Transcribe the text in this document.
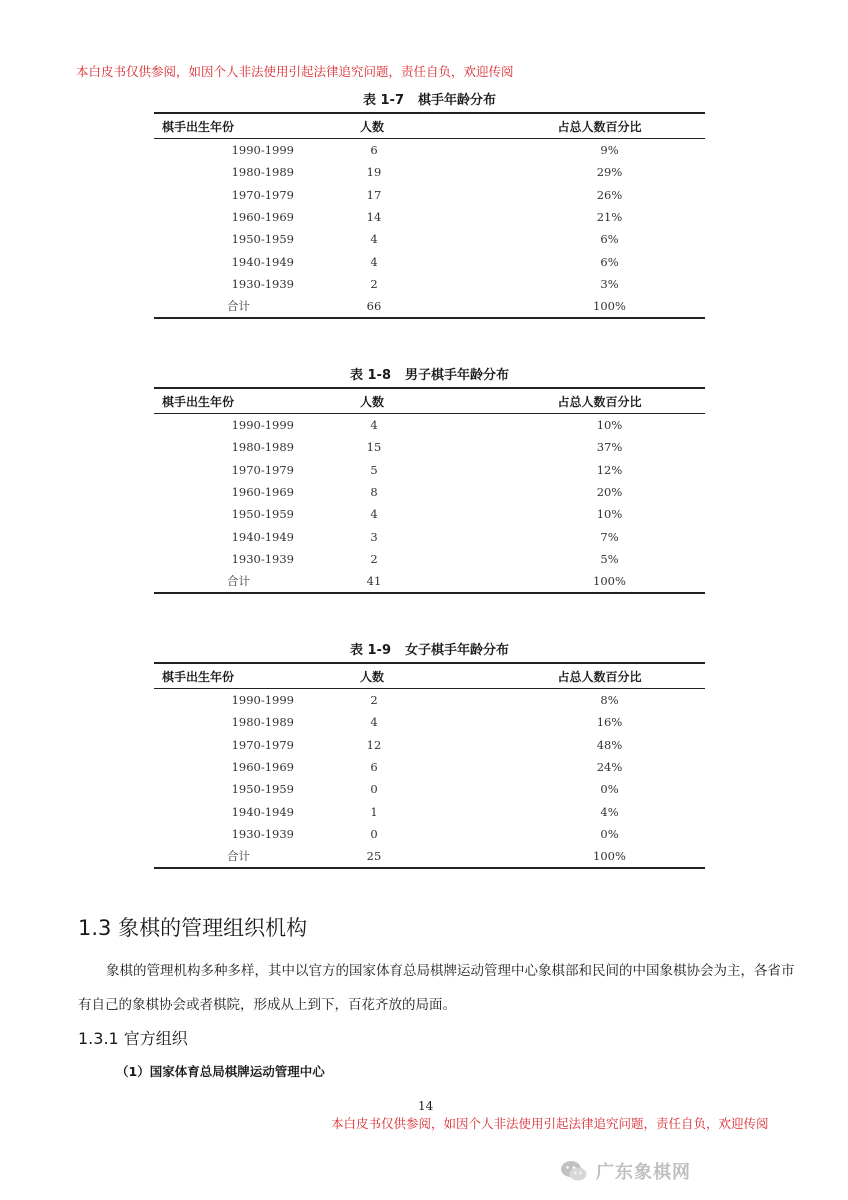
本白皮书仅供参阅，如因个人非法使用引起法律追究问题，责任自负，欢迎传阅
表 1-7 棋手年龄分布
棋手出生年份	人数	占总人数百分比
1990-1999	6	9%
1980-1989	19	29%
1970-1979	17	26%
1960-1969	14	21%
1950-1959	4	6%
1940-1949	4	6%
1930-1939	2	3%
合计	66	100%
表 1-8 男子棋手年龄分布
棋手出生年份	人数	占总人数百分比
1990-1999	4	10%
1980-1989	15	37%
1970-1979	5	12%
1960-1969	8	20%
1950-1959	4	10%
1940-1949	3	7%
1930-1939	2	5%
合计	41	100%
表 1-9 女子棋手年龄分布
棋手出生年份	人数	占总人数百分比
1990-1999	2	8%
1980-1989	4	16%
1970-1979	12	48%
1960-1969	6	24%
1950-1959	0	0%
1940-1949	1	4%
1930-1939	0	0%
合计	25	100%
1.3 象棋的管理组织机构

象棋的管理机构多种多样，其中以官方的国家体育总局棋牌运动管理中心象棋部和民间的中国象棋协会为主，各省市有自己的象棋协会或者棋院，形成从上到下，百花齐放的局面。

1.3.1 官方组织
（1）国家体育总局棋牌运动管理中心
14
本白皮书仅供参阅，如因个人非法使用引起法律追究问题，责任自负，欢迎传阅
广东象棋网
